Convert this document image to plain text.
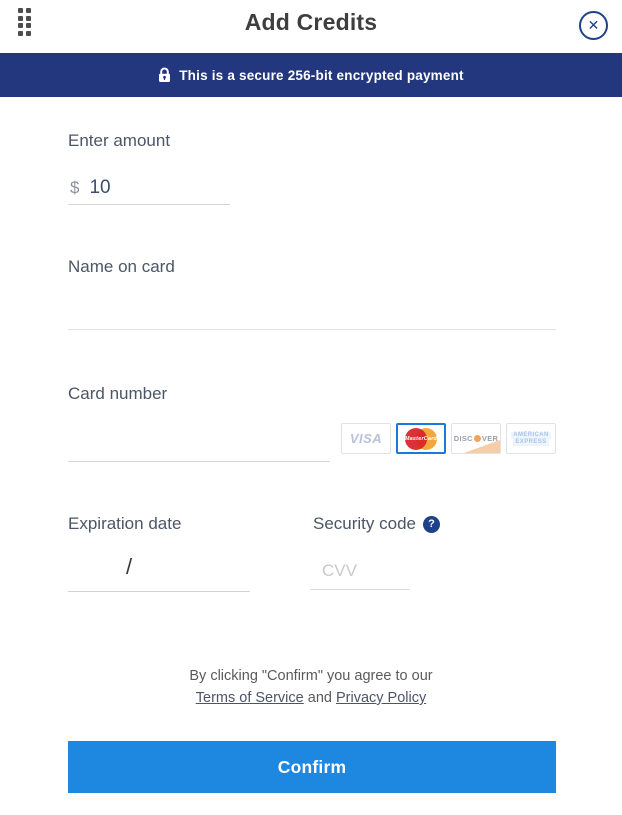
Add Credits	✕
This is a secure 256-bit encrypted payment
Enter amount
$ 10
Name on card
Card number
VISA	MasterCard DISC VER	AMERICAN
EXPRESS
Expiration date
/
Security code ?
CVV
By clicking "Confirm" you agree to our
Terms of Service and Privacy Policy
Confirm
